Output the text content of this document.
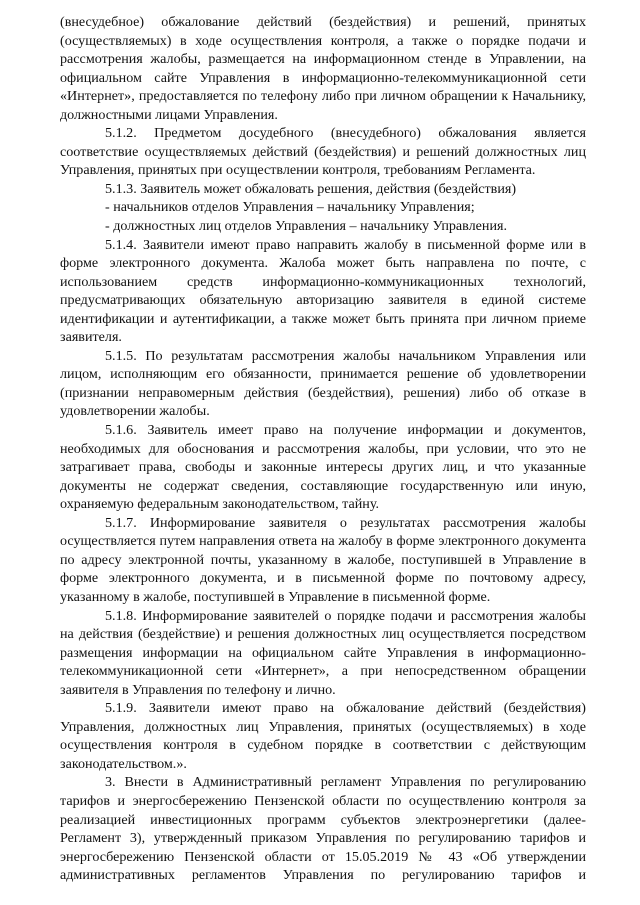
(внесудебное) обжалование действий (бездействия) и решений, принятых (осуществляемых) в ходе осуществления контроля, а также о порядке подачи и рассмотрения жалобы, размещается на информационном стенде в Управлении, на официальном сайте Управления в информационно-телекоммуникационной сети «Интернет», предоставляется по телефону либо при личном обращении к Начальнику, должностными лицами Управления.

5.1.2. Предметом досудебного (внесудебного) обжалования является соответствие осуществляемых действий (бездействия) и решений должностных лиц Управления, принятых при осуществлении контроля, требованиям Регламента.

5.1.3. Заявитель может обжаловать решения, действия (бездействия)

- начальников отделов Управления – начальнику Управления;

- должностных лиц отделов Управления – начальнику Управления.

5.1.4. Заявители имеют право направить жалобу в письменной форме или в форме электронного документа. Жалоба может быть направлена по почте, с использованием средств информационно-коммуникационных технологий, предусматривающих обязательную авторизацию заявителя в единой системе идентификации и аутентификации, а также может быть принята при личном приеме заявителя.

5.1.5. По результатам рассмотрения жалобы начальником Управления или лицом, исполняющим его обязанности, принимается решение об удовлетворении (признании неправомерным действия (бездействия), решения) либо об отказе в удовлетворении жалобы.

5.1.6. Заявитель имеет право на получение информации и документов, необходимых для обоснования и рассмотрения жалобы, при условии, что это не затрагивает права, свободы и законные интересы других лиц, и что указанные документы не содержат сведения, составляющие государственную или иную, охраняемую федеральным законодательством, тайну.

5.1.7. Информирование заявителя о результатах рассмотрения жалобы осуществляется путем направления ответа на жалобу в форме электронного документа по адресу электронной почты, указанному в жалобе, поступившей в Управление в форме электронного документа, и в письменной форме по почтовому адресу, указанному в жалобе, поступившей в Управление в письменной форме.

5.1.8. Информирование заявителей о порядке подачи и рассмотрения жалобы на действия (бездействие) и решения должностных лиц осуществляется посредством размещения информации на официальном сайте Управления в информационно-телекоммуникационной сети «Интернет», а при непосредственном обращении заявителя в Управления по телефону и лично.

5.1.9. Заявители имеют право на обжалование действий (бездействия) Управления, должностных лиц Управления, принятых (осуществляемых) в ходе осуществления контроля в судебном порядке в соответствии с действующим законодательством.».

3. Внести в Административный регламент Управления по регулированию тарифов и энергосбережению Пензенской области по осуществлению контроля за реализацией инвестиционных программ субъектов электроэнергетики (далее- Регламент 3), утвержденный приказом Управления по регулированию тарифов и энергосбережению Пензенской области от 15.05.2019 № 43 «Об утверждении административных регламентов Управления по регулированию тарифов и
